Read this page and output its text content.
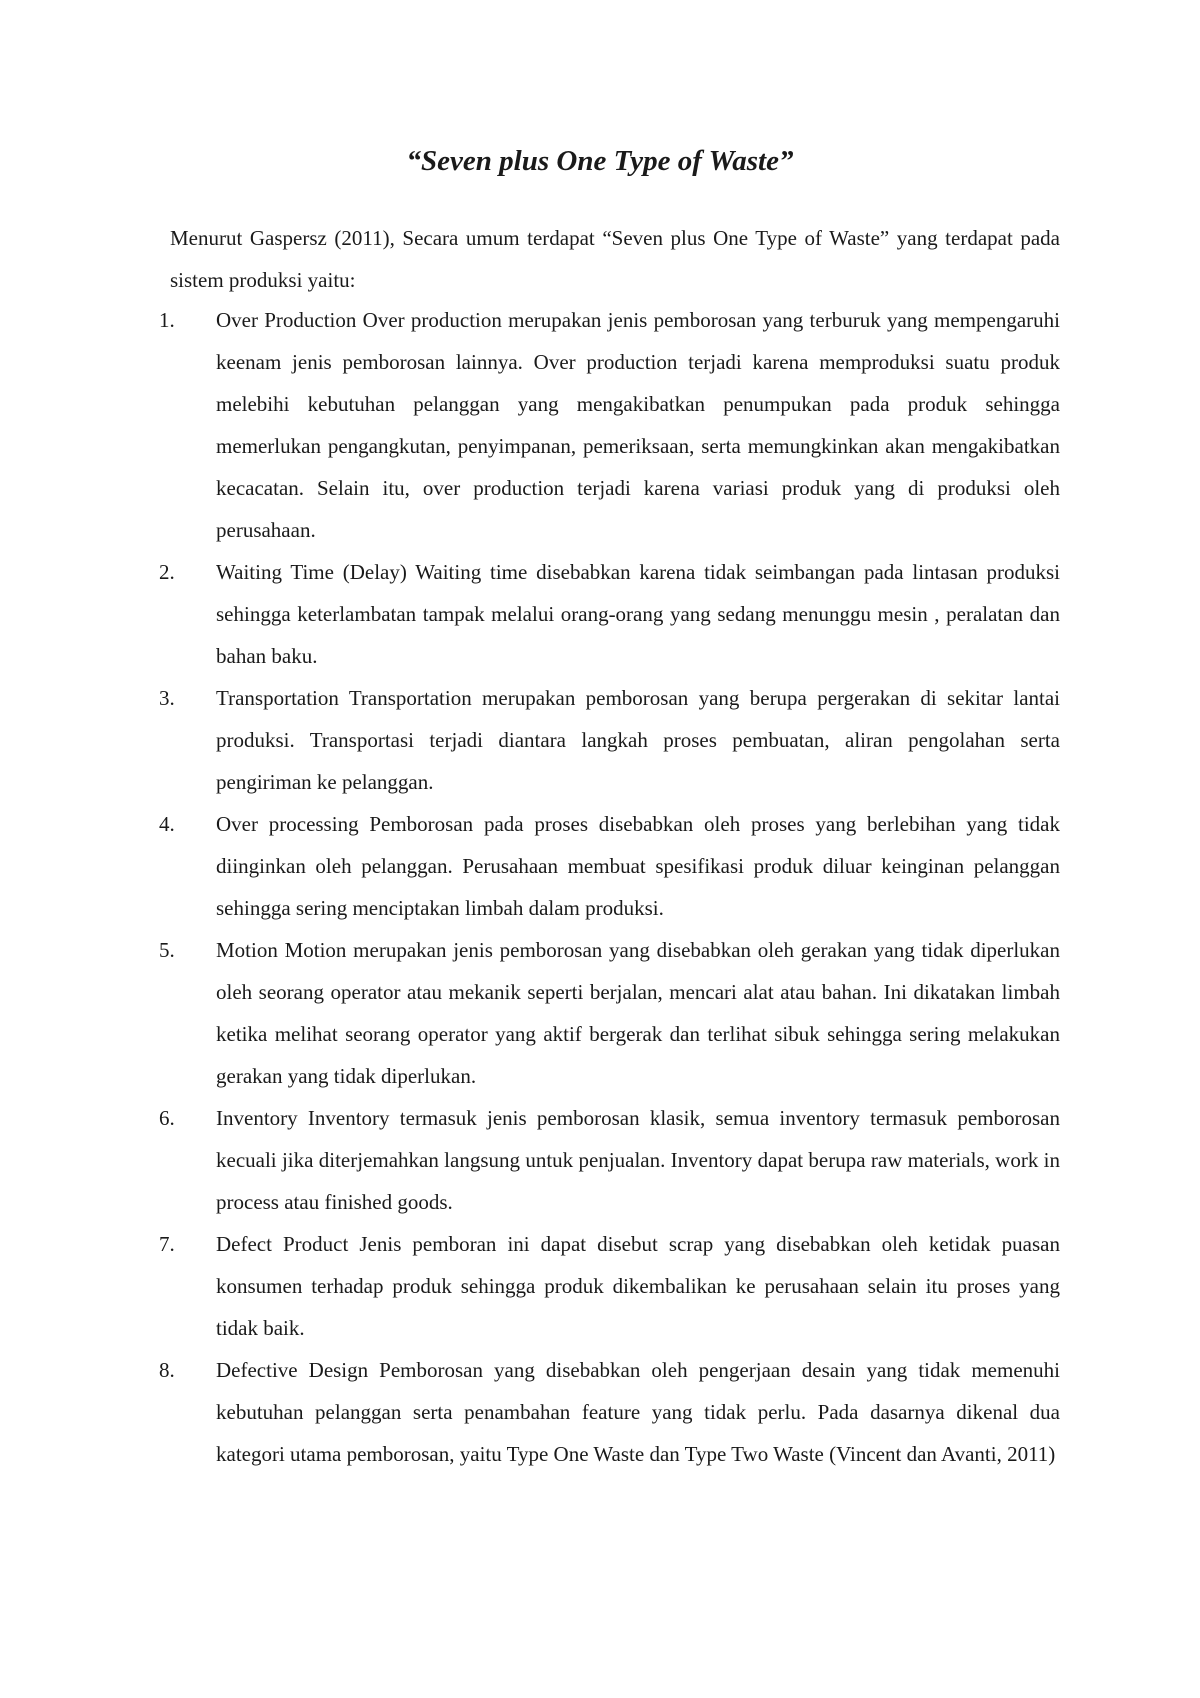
“Seven plus One Type of Waste”

Menurut Gaspersz (2011), Secara umum terdapat “Seven plus One Type of Waste” yang terdapat pada sistem produksi yaitu:

1. Over Production Over production merupakan jenis pemborosan yang terburuk yang mempengaruhi keenam jenis pemborosan lainnya. Over production terjadi karena memproduksi suatu produk melebihi kebutuhan pelanggan yang mengakibatkan penumpukan pada produk sehingga memerlukan pengangkutan, penyimpanan, pemeriksaan, serta memungkinkan akan mengakibatkan kecacatan. Selain itu, over production terjadi karena variasi produk yang di produksi oleh perusahaan.
2. Waiting Time (Delay) Waiting time disebabkan karena tidak seimbangan pada lintasan produksi sehingga keterlambatan tampak melalui orang-orang yang sedang menunggu mesin , peralatan dan bahan baku.
3. Transportation Transportation merupakan pemborosan yang berupa pergerakan di sekitar lantai produksi. Transportasi terjadi diantara langkah proses pembuatan, aliran pengolahan serta pengiriman ke pelanggan.
4. Over processing Pemborosan pada proses disebabkan oleh proses yang berlebihan yang tidak diinginkan oleh pelanggan. Perusahaan membuat spesifikasi produk diluar keinginan pelanggan sehingga sering menciptakan limbah dalam produksi.
5. Motion Motion merupakan jenis pemborosan yang disebabkan oleh gerakan yang tidak diperlukan oleh seorang operator atau mekanik seperti berjalan, mencari alat atau bahan. Ini dikatakan limbah ketika melihat seorang operator yang aktif bergerak dan terlihat sibuk sehingga sering melakukan gerakan yang tidak diperlukan.
6. Inventory Inventory termasuk jenis pemborosan klasik, semua inventory termasuk pemborosan kecuali jika diterjemahkan langsung untuk penjualan. Inventory dapat berupa raw materials, work in process atau finished goods.
7. Defect Product Jenis pemboran ini dapat disebut scrap yang disebabkan oleh ketidak puasan konsumen terhadap produk sehingga produk dikembalikan ke perusahaan selain itu proses yang tidak baik.
8. Defective Design Pemborosan yang disebabkan oleh pengerjaan desain yang tidak memenuhi kebutuhan pelanggan serta penambahan feature yang tidak perlu. Pada dasarnya dikenal dua kategori utama pemborosan, yaitu Type One Waste dan Type Two Waste (Vincent dan Avanti, 2011)
